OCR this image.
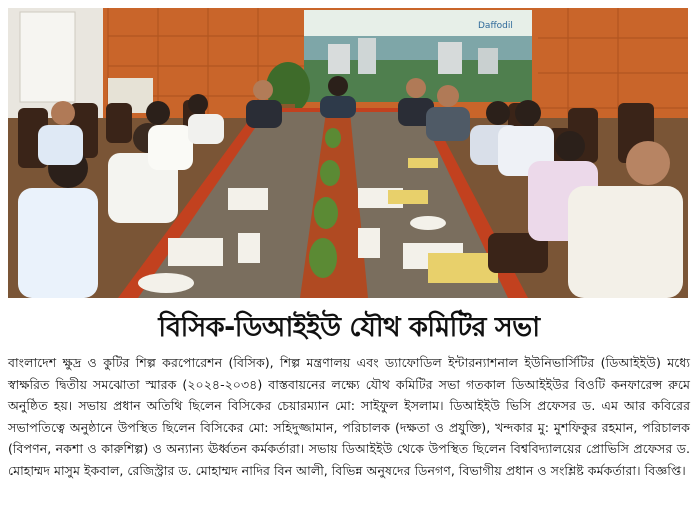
Daffodil
বিসিক-ডিআইইউ যৌথ কমিটির সভা

বাংলাদেশ ক্ষুদ্র ও কুটির শিল্প করপোরেশন (বিসিক), শিল্প মন্ত্রণালয় এবং ড্যাফোডিল ইন্টারন্যাশনাল ইউনিভার্সিটির (ডিআইইউ) মধ্যে স্বাক্ষরিত দ্বিতীয় সমঝোতা স্মারক (২০২৪-২০৩৪) বাস্তবায়নের লক্ষ্যে যৌথ কমিটির সভা গতকাল ডিআইইউর বিওটি কনফারেন্স রুমে অনুষ্ঠিত হয়। সভায় প্রধান অতিথি ছিলেন বিসিকের চেয়ারম্যান মো: সাইফুল ইসলাম। ডিআইইউ ভিসি প্রফেসর ড. এম আর কবিরের সভাপতিত্বে অনুষ্ঠানে উপস্থিত ছিলেন বিসিকের মো: সহিদুজ্জামান, পরিচালক (দক্ষতা ও প্রযুক্তি), খন্দকার মু: মুশফিকুর রহমান, পরিচালক (বিপণন, নকশা ও কারুশিল্প) ও অন্যান্য ঊর্ধ্বতন কর্মকর্তারা। সভায় ডিআইইউ থেকে উপস্থিত ছিলেন বিশ্ববিদ্যালয়ের প্রোভিসি প্রফেসর ড. মোহাম্মদ মাসুম ইকবাল, রেজিস্ট্রার ড. মোহাম্মদ নাদির বিন আলী, বিভিন্ন অনুষদের ডিনগণ, বিভাগীয় প্রধান ও সংশ্লিষ্ট কর্মকর্তারা। বিজ্ঞপ্তি।
